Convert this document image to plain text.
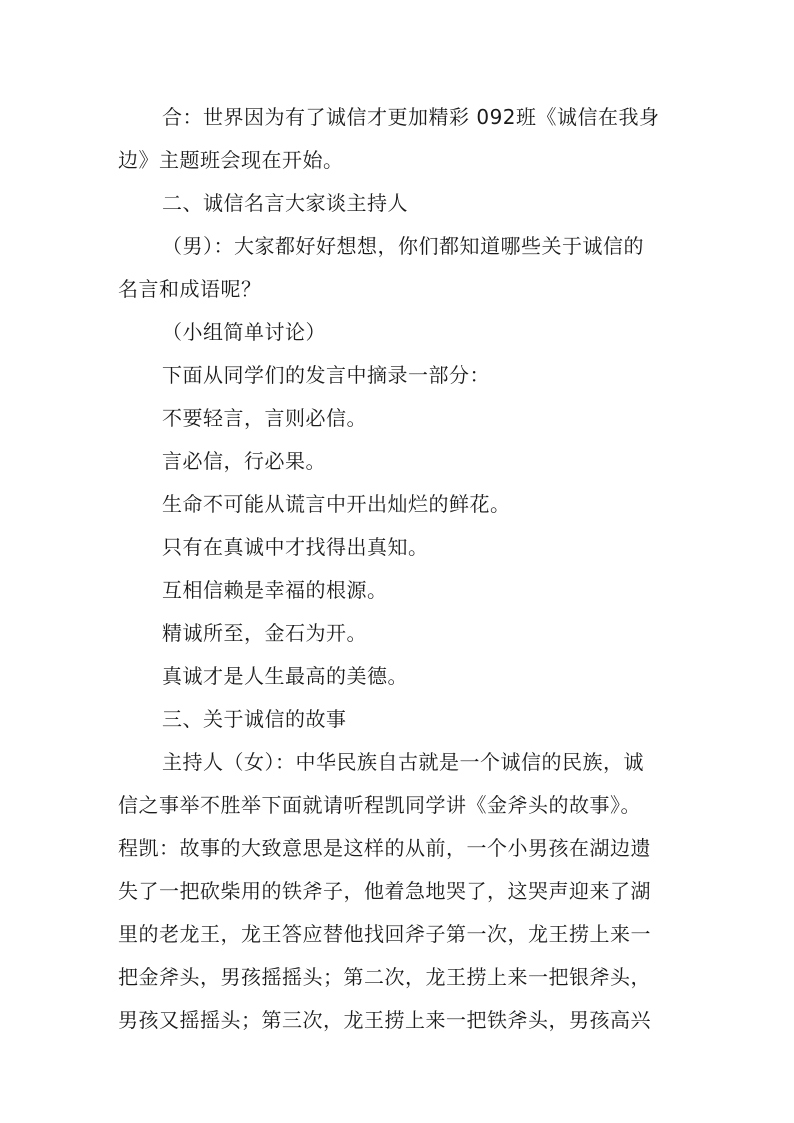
合：世界因为有了诚信才更加精彩 092班《诚信在我身
边》主题班会现在开始。
二、诚信名言大家谈主持人
（男）：大家都好好想想，你们都知道哪些关于诚信的
名言和成语呢？
（小组简单讨论）
下面从同学们的发言中摘录一部分：
不要轻言，言则必信。
言必信，行必果。
生命不可能从谎言中开出灿烂的鲜花。
只有在真诚中才找得出真知。
互相信赖是幸福的根源。
精诚所至，金石为开。
真诚才是人生最高的美德。
三、关于诚信的故事
主持人（女）：中华民族自古就是一个诚信的民族，诚
信之事举不胜举下面就请听程凯同学讲《金斧头的故事》。
程凯：故事的大致意思是这样的从前，一个小男孩在湖边遗
失了一把砍柴用的铁斧子，他着急地哭了，这哭声迎来了湖
里的老龙王，龙王答应替他找回斧子第一次，龙王捞上来一
把金斧头，男孩摇摇头；第二次，龙王捞上来一把银斧头，
男孩又摇摇头；第三次，龙王捞上来一把铁斧头，男孩高兴
